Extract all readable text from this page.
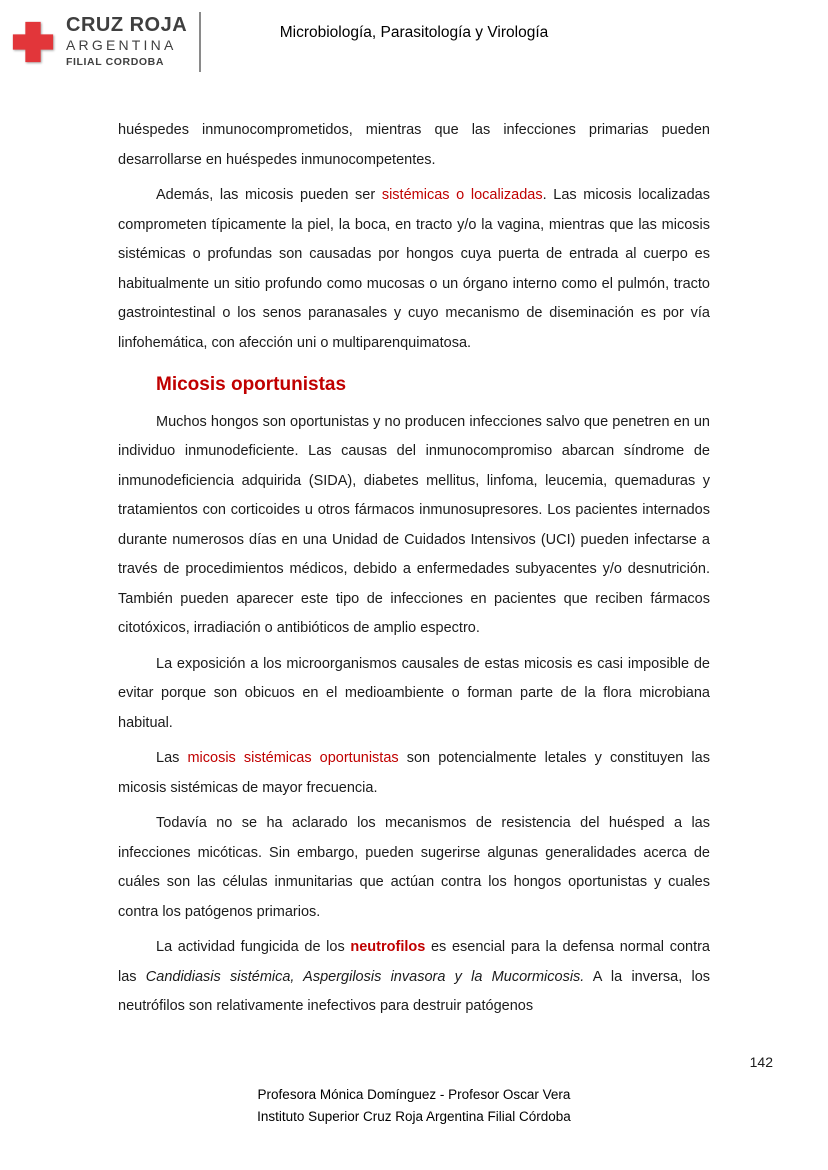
CRUZ ROJA
ARGENTINA
FILIAL CORDOBA
Microbiología, Parasitología y Virología

huéspedes inmunocomprometidos, mientras que las infecciones primarias pueden desarrollarse en huéspedes inmunocompetentes.

Además, las micosis pueden ser sistémicas o localizadas. Las micosis localizadas comprometen típicamente la piel, la boca, en tracto y/o la vagina, mientras que las micosis sistémicas o profundas son causadas por hongos cuya puerta de entrada al cuerpo es habitualmente un sitio profundo como mucosas o un órgano interno como el pulmón, tracto gastrointestinal o los senos paranasales y cuyo mecanismo de diseminación es por vía linfohemática, con afección uni o multiparenquimatosa.

Micosis oportunistas

Muchos hongos son oportunistas y no producen infecciones salvo que penetren en un individuo inmunodeficiente. Las causas del inmunocompromiso abarcan síndrome de inmunodeficiencia adquirida (SIDA), diabetes mellitus, linfoma, leucemia, quemaduras y tratamientos con corticoides u otros fármacos inmunosupresores. Los pacientes internados durante numerosos días en una Unidad de Cuidados Intensivos (UCI) pueden infectarse a través de procedimientos médicos, debido a enfermedades subyacentes y/o desnutrición. También pueden aparecer este tipo de infecciones en pacientes que reciben fármacos citotóxicos, irradiación o antibióticos de amplio espectro.

La exposición a los microorganismos causales de estas micosis es casi imposible de evitar porque son obicuos en el medioambiente o forman parte de la flora microbiana habitual.

Las micosis sistémicas oportunistas son potencialmente letales y constituyen las micosis sistémicas de mayor frecuencia.

Todavía no se ha aclarado los mecanismos de resistencia del huésped a las infecciones micóticas. Sin embargo, pueden sugerirse algunas generalidades acerca de cuáles son las células inmunitarias que actúan contra los hongos oportunistas y cuales contra los patógenos primarios.

La actividad fungicida de los neutrofilos es esencial para la defensa normal contra las Candidiasis sistémica, Aspergilosis invasora y la Mucormicosis. A la inversa, los neutrófilos son relativamente inefectivos para destruir patógenos

142
Profesora Mónica Domínguez - Profesor Oscar Vera
Instituto Superior Cruz Roja Argentina Filial Córdoba
